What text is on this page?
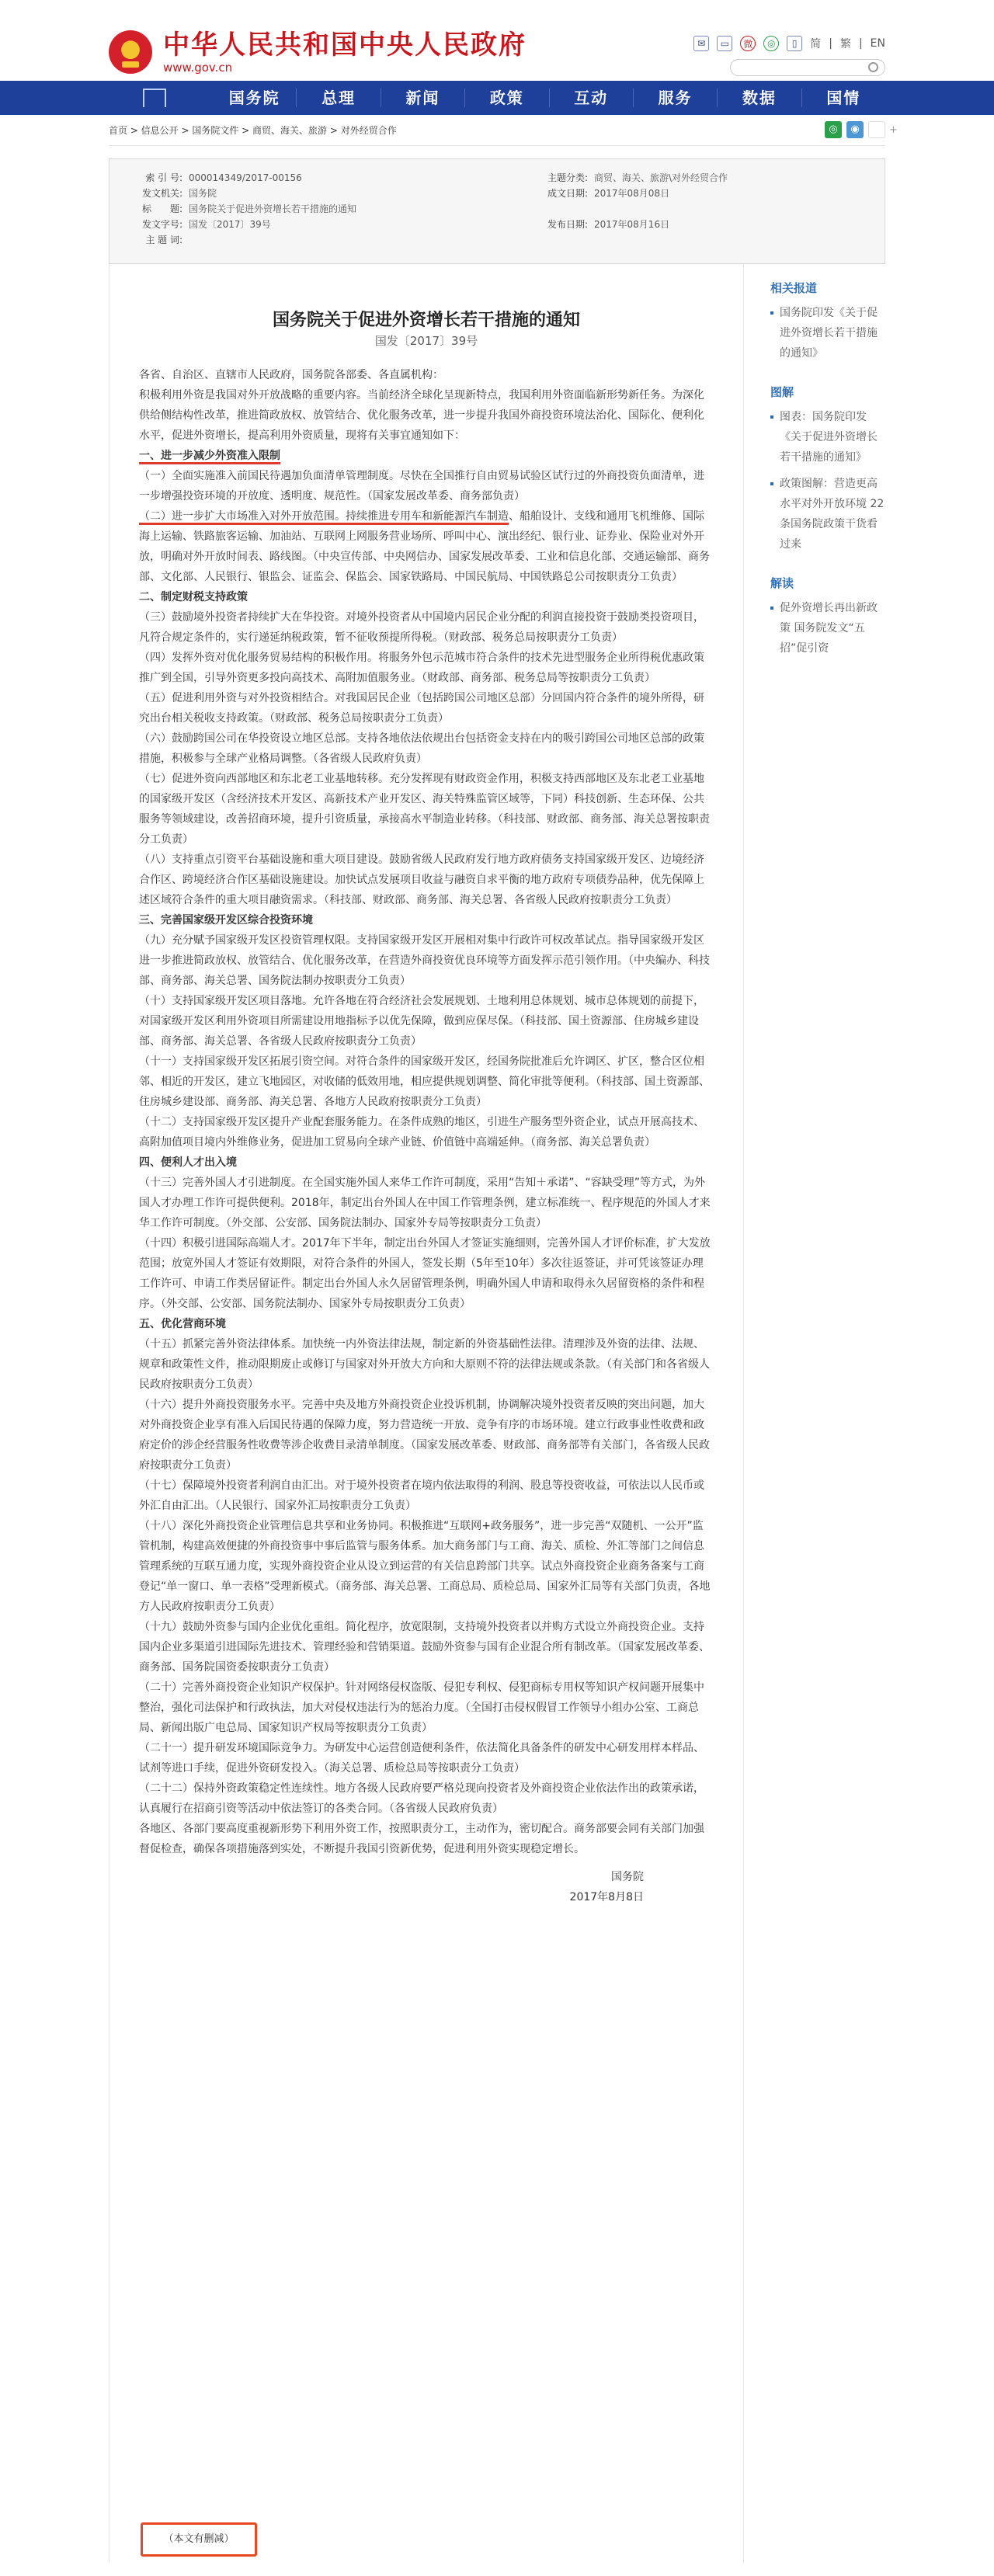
中华人民共和国中央人民政府
www.gov.cn
✉	▭	微	◎	▯	简 | 繁 | EN
国务院	总理	新闻	政策	互动	服务	数据	国情
首页 > 信息公开 > 国务院文件 > 商贸、海关、旅游 > 对外经贸合作	◎	◉	+
索 引 号: 000014349/2017-00156
发文机关: 国务院
标　　题: 国务院关于促进外资增长若干措施的通知
发文字号: 国发〔2017〕39号
主 题 词:
主题分类: 商贸、海关、旅游\对外经贸合作
成文日期: 2017年08月08日
发布日期: 2017年08月16日
国务院关于促进外资增长若干措施的通知
国发〔2017〕39号

各省、自治区、直辖市人民政府，国务院各部委、各直属机构：

积极利用外资是我国对外开放战略的重要内容。当前经济全球化呈现新特点，我国利用外资面临新形势新任务。为深化供给侧结构性改革，推进简政放权、放管结合、优化服务改革，进一步提升我国外商投资环境法治化、国际化、便利化水平，促进外资增长，提高利用外资质量，现将有关事宜通知如下：

一、进一步减少外资准入限制

（一）全面实施准入前国民待遇加负面清单管理制度。尽快在全国推行自由贸易试验区试行过的外商投资负面清单，进一步增强投资环境的开放度、透明度、规范性。（国家发展改革委、商务部负责）

（二）进一步扩大市场准入对外开放范围。持续推进专用车和新能源汽车制造、船舶设计、支线和通用飞机维修、国际海上运输、铁路旅客运输、加油站、互联网上网服务营业场所、呼叫中心、演出经纪、银行业、证券业、保险业对外开放，明确对外开放时间表、路线图。（中央宣传部、中央网信办、国家发展改革委、工业和信息化部、交通运输部、商务部、文化部、人民银行、银监会、证监会、保监会、国家铁路局、中国民航局、中国铁路总公司按职责分工负责）

二、制定财税支持政策

（三）鼓励境外投资者持续扩大在华投资。对境外投资者从中国境内居民企业分配的利润直接投资于鼓励类投资项目，凡符合规定条件的，实行递延纳税政策，暂不征收预提所得税。（财政部、税务总局按职责分工负责）

（四）发挥外资对优化服务贸易结构的积极作用。将服务外包示范城市符合条件的技术先进型服务企业所得税优惠政策推广到全国，引导外资更多投向高技术、高附加值服务业。（财政部、商务部、税务总局等按职责分工负责）

（五）促进利用外资与对外投资相结合。对我国居民企业（包括跨国公司地区总部）分回国内符合条件的境外所得，研究出台相关税收支持政策。（财政部、税务总局按职责分工负责）

（六）鼓励跨国公司在华投资设立地区总部。支持各地依法依规出台包括资金支持在内的吸引跨国公司地区总部的政策措施，积极参与全球产业格局调整。（各省级人民政府负责）

（七）促进外资向西部地区和东北老工业基地转移。充分发挥现有财政资金作用，积极支持西部地区及东北老工业基地的国家级开发区（含经济技术开发区、高新技术产业开发区、海关特殊监管区域等，下同）科技创新、生态环保、公共服务等领域建设，改善招商环境，提升引资质量，承接高水平制造业转移。（科技部、财政部、商务部、海关总署按职责分工负责）

（八）支持重点引资平台基础设施和重大项目建设。鼓励省级人民政府发行地方政府债务支持国家级开发区、边境经济合作区、跨境经济合作区基础设施建设。加快试点发展项目收益与融资自求平衡的地方政府专项债券品种，优先保障上述区域符合条件的重大项目融资需求。（科技部、财政部、商务部、海关总署、各省级人民政府按职责分工负责）

三、完善国家级开发区综合投资环境

（九）充分赋予国家级开发区投资管理权限。支持国家级开发区开展相对集中行政许可权改革试点。指导国家级开发区进一步推进简政放权、放管结合、优化服务改革，在营造外商投资优良环境等方面发挥示范引领作用。（中央编办、科技部、商务部、海关总署、国务院法制办按职责分工负责）

（十）支持国家级开发区项目落地。允许各地在符合经济社会发展规划、土地利用总体规划、城市总体规划的前提下，对国家级开发区利用外资项目所需建设用地指标予以优先保障，做到应保尽保。（科技部、国土资源部、住房城乡建设部、商务部、海关总署、各省级人民政府按职责分工负责）

（十一）支持国家级开发区拓展引资空间。对符合条件的国家级开发区，经国务院批准后允许调区、扩区，整合区位相邻、相近的开发区，建立飞地园区，对收储的低效用地，相应提供规划调整、简化审批等便利。（科技部、国土资源部、住房城乡建设部、商务部、海关总署、各地方人民政府按职责分工负责）

（十二）支持国家级开发区提升产业配套服务能力。在条件成熟的地区，引进生产服务型外资企业，试点开展高技术、高附加值项目境内外维修业务，促进加工贸易向全球产业链、价值链中高端延伸。（商务部、海关总署负责）

四、便利人才出入境

（十三）完善外国人才引进制度。在全国实施外国人来华工作许可制度，采用“告知＋承诺”、“容缺受理”等方式，为外国人才办理工作许可提供便利。2018年，制定出台外国人在中国工作管理条例，建立标准统一、程序规范的外国人才来华工作许可制度。（外交部、公安部、国务院法制办、国家外专局等按职责分工负责）

（十四）积极引进国际高端人才。2017年下半年，制定出台外国人才签证实施细则，完善外国人才评价标准，扩大发放范围；放宽外国人才签证有效期限，对符合条件的外国人，签发长期（5年至10年）多次往返签证，并可凭该签证办理工作许可、申请工作类居留证件。制定出台外国人永久居留管理条例，明确外国人申请和取得永久居留资格的条件和程序。（外交部、公安部、国务院法制办、国家外专局按职责分工负责）

五、优化营商环境

（十五）抓紧完善外资法律体系。加快统一内外资法律法规，制定新的外资基础性法律。清理涉及外资的法律、法规、规章和政策性文件，推动限期废止或修订与国家对外开放大方向和大原则不符的法律法规或条款。（有关部门和各省级人民政府按职责分工负责）

（十六）提升外商投资服务水平。完善中央及地方外商投资企业投诉机制，协调解决境外投资者反映的突出问题，加大对外商投资企业享有准入后国民待遇的保障力度，努力营造统一开放、竞争有序的市场环境。建立行政事业性收费和政府定价的涉企经营服务性收费等涉企收费目录清单制度。（国家发展改革委、财政部、商务部等有关部门，各省级人民政府按职责分工负责）

（十七）保障境外投资者利润自由汇出。对于境外投资者在境内依法取得的利润、股息等投资收益，可依法以人民币或外汇自由汇出。（人民银行、国家外汇局按职责分工负责）

（十八）深化外商投资企业管理信息共享和业务协同。积极推进“互联网+政务服务”，进一步完善“双随机、一公开”监管机制，构建高效便捷的外商投资事中事后监管与服务体系。加大商务部门与工商、海关、质检、外汇等部门之间信息管理系统的互联互通力度，实现外商投资企业从设立到运营的有关信息跨部门共享。试点外商投资企业商务备案与工商登记“单一窗口、单一表格”受理新模式。（商务部、海关总署、工商总局、质检总局、国家外汇局等有关部门负责，各地方人民政府按职责分工负责）

（十九）鼓励外资参与国内企业优化重组。简化程序，放宽限制，支持境外投资者以并购方式设立外商投资企业。支持国内企业多渠道引进国际先进技术、管理经验和营销渠道。鼓励外资参与国有企业混合所有制改革。（国家发展改革委、商务部、国务院国资委按职责分工负责）

（二十）完善外商投资企业知识产权保护。针对网络侵权盗版、侵犯专利权、侵犯商标专用权等知识产权问题开展集中整治，强化司法保护和行政执法，加大对侵权违法行为的惩治力度。（全国打击侵权假冒工作领导小组办公室、工商总局、新闻出版广电总局、国家知识产权局等按职责分工负责）

（二十一）提升研发环境国际竞争力。为研发中心运营创造便利条件，依法简化具备条件的研发中心研发用样本样品、试剂等进口手续，促进外资研发投入。（海关总署、质检总局等按职责分工负责）

（二十二）保持外资政策稳定性连续性。地方各级人民政府要严格兑现向投资者及外商投资企业依法作出的政策承诺，认真履行在招商引资等活动中依法签订的各类合同。（各省级人民政府负责）

各地区、各部门要高度重视新形势下利用外资工作，按照职责分工，主动作为，密切配合。商务部要会同有关部门加强督促检查，确保各项措施落到实处，不断提升我国引资新优势，促进利用外资实现稳定增长。

国务院

2017年8月8日

（本文有删减）
相关报道
国务院印发《关于促进外资增长若干措施的通知》
图解
图表：国务院印发《关于促进外资增长若干措施的通知》
政策图解：营造更高水平对外开放环境 22条国务院政策干货看过来
解读
促外资增长再出新政策 国务院发文“五招”促引资
